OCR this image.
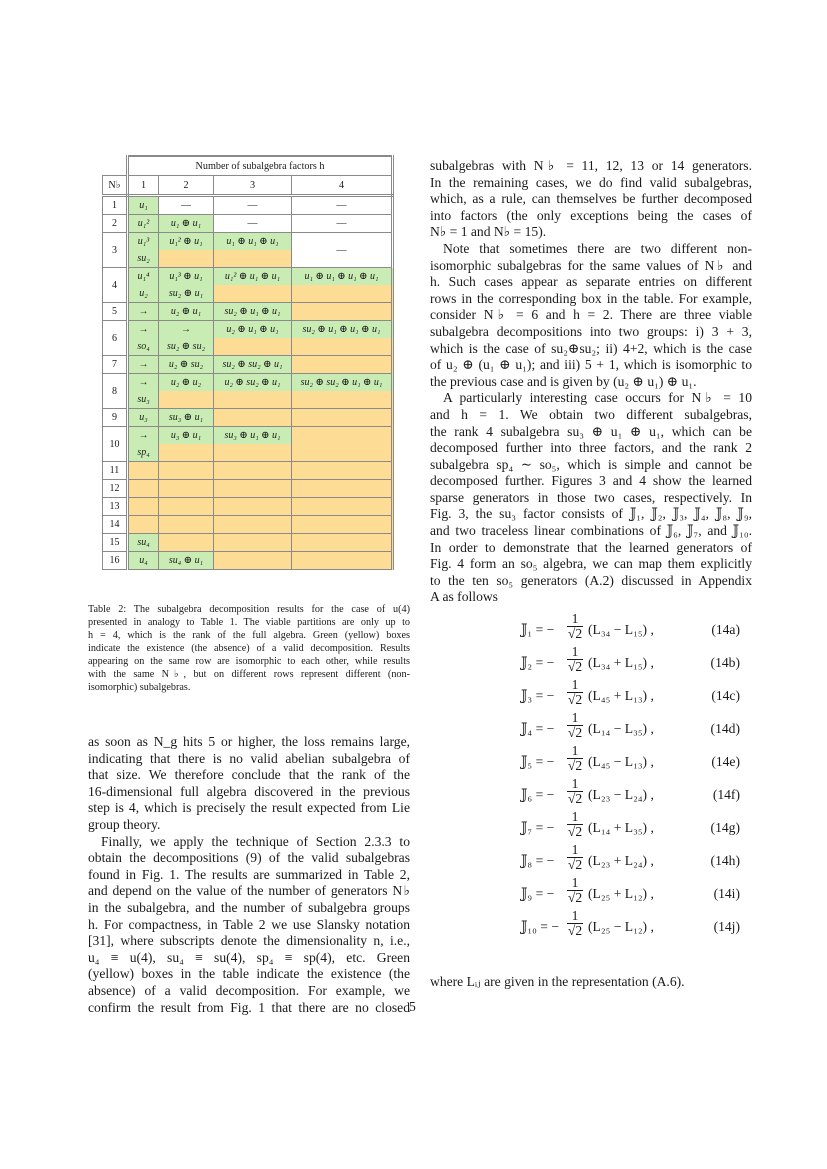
	Number of subalgebra factors h			
N♭	1	2	3	4
1	u₁	—	—	—
2	u₁²	u₁ ⊕ u₁	—	—
3	u₁³	u₁² ⊕ u₁	u₁ ⊕ u₁ ⊕ u₁	—
	su₂			
4	u₁⁴	u₁³ ⊕ u₁	u₁² ⊕ u₁ ⊕ u₁	u₁ ⊕ u₁ ⊕ u₁ ⊕ u₁
	u₂	su₂ ⊕ u₁		
5	→	u₂ ⊕ u₁	su₂ ⊕ u₁ ⊕ u₁	
6	→	→	u₂ ⊕ u₁ ⊕ u₁	su₂ ⊕ u₁ ⊕ u₁ ⊕ u₁
	so₄	su₂ ⊕ su₂		
7	→	u₂ ⊕ su₂	su₂ ⊕ su₂ ⊕ u₁	
8	→	u₂ ⊕ u₂	u₂ ⊕ su₂ ⊕ u₁	su₂ ⊕ su₂ ⊕ u₁ ⊕ u₁
	su₃			
9	u₃	su₃ ⊕ u₁		
10	→	u₃ ⊕ u₁	su₃ ⊕ u₁ ⊕ u₁	
	sp₄			
11				
12				
13				
14				
15	su₄			
16	u₄	su₄ ⊕ u₁		
Table 2: The subalgebra decomposition results for the case of u(4)
presented in analogy to Table 1. The viable partitions are only up to
h = 4, which is the rank of the full algebra. Green (yellow) boxes
indicate the existence (the absence) of a valid decomposition. Results
appearing on the same row are isomorphic to each other, while results
with the same N♭, but on different rows represent different (non-
isomorphic) subalgebras.
as soon as N_g hits 5 or higher, the loss remains large,
indicating that there is no valid abelian subalgebra of
that size. We therefore conclude that the rank of the
16-dimensional full algebra discovered in the previous
step is 4, which is precisely the result expected from Lie
group theory.
Finally, we apply the technique of Section 2.3.3 to
obtain the decompositions (9) of the valid subalgebras
found in Fig. 1. The results are summarized in Table 2,
and depend on the value of the number of generators N♭
in the subalgebra, and the number of subalgebra groups
h. For compactness, in Table 2 we use Slansky notation
[31], where subscripts denote the dimensionality n, i.e.,
u₄ ≡ u(4), su₄ ≡ su(4), sp₄ ≡ sp(4), etc. Green
(yellow) boxes in the table indicate the existence (the
absence) of a valid decomposition. For example, we
confirm the result from Fig. 1 that there are no closed
subalgebras with N♭ = 11, 12, 13 or 14 generators.
In the remaining cases, we do find valid subalgebras,
which, as a rule, can themselves be further decomposed
into factors (the only exceptions being the cases of
N♭ = 1 and N♭ = 15).
Note that sometimes there are two different non-
isomorphic subalgebras for the same values of N♭ and
h. Such cases appear as separate entries on different
rows in the corresponding box in the table. For example,
consider N♭ = 6 and h = 2. There are three viable
subalgebra decompositions into two groups: i) 3 + 3,
which is the case of su₂⊕su₂; ii) 4+2, which is the case
of u₂ ⊕ (u₁ ⊕ u₁); and iii) 5 + 1, which is isomorphic to
the previous case and is given by (u₂ ⊕ u₁) ⊕ u₁.
A particularly interesting case occurs for N♭ = 10
and h = 1. We obtain two different subalgebras,
the rank 4 subalgebra su₃ ⊕ u₁ ⊕ u₁, which can be
decomposed further into three factors, and the rank 2
subalgebra sp₄ ∼ so₅, which is simple and cannot be
decomposed further. Figures 3 and 4 show the learned
sparse generators in those two cases, respectively. In
Fig. 3, the su₃ factor consists of 𝕁₁, 𝕁₂, 𝕁₃, 𝕁₄, 𝕁₈, 𝕁₉,
and two traceless linear combinations of 𝕁₆, 𝕁₇, and 𝕁₁₀.
In order to demonstrate that the learned generators of
Fig. 4 form an so₅ algebra, we can map them explicitly
to the ten so₅ generators (A.2) discussed in Appendix
A as follows
𝕁₁ = − $\frac{1}{√2} (L_{34} - L_{15})$ ,	(14a)
𝕁₂ = − $\frac{1}{√2} (L_{34} + L_{15})$ ,	(14b)
𝕁₃ = − $\frac{1}{√2} (L_{45} + L_{13})$ ,	(14c)
𝕁₄ = − $\frac{1}{√2} (L_{14} - L_{35})$ ,	(14d)
𝕁₅ = − $\frac{1}{√2} (L_{45} - L_{13})$ ,	(14e)
𝕁₆ = − $\frac{1}{√2} (L_{23} - L_{24})$ ,	(14f)
𝕁₇ = − $\frac{1}{√2} (L_{14} + L_{35})$ ,	(14g)
𝕁₈ = − $\frac{1}{√2} (L_{23} + L_{24})$ ,	(14h)
𝕁₉ = − $\frac{1}{√2} (L_{25} + L_{12})$ ,	(14i)
𝕁₁₀ = − $\frac{1}{√2} (L_{25} - L_{12})$ ,	(14j)
where Lᵢⱼ are given in the representation (A.6).
5
